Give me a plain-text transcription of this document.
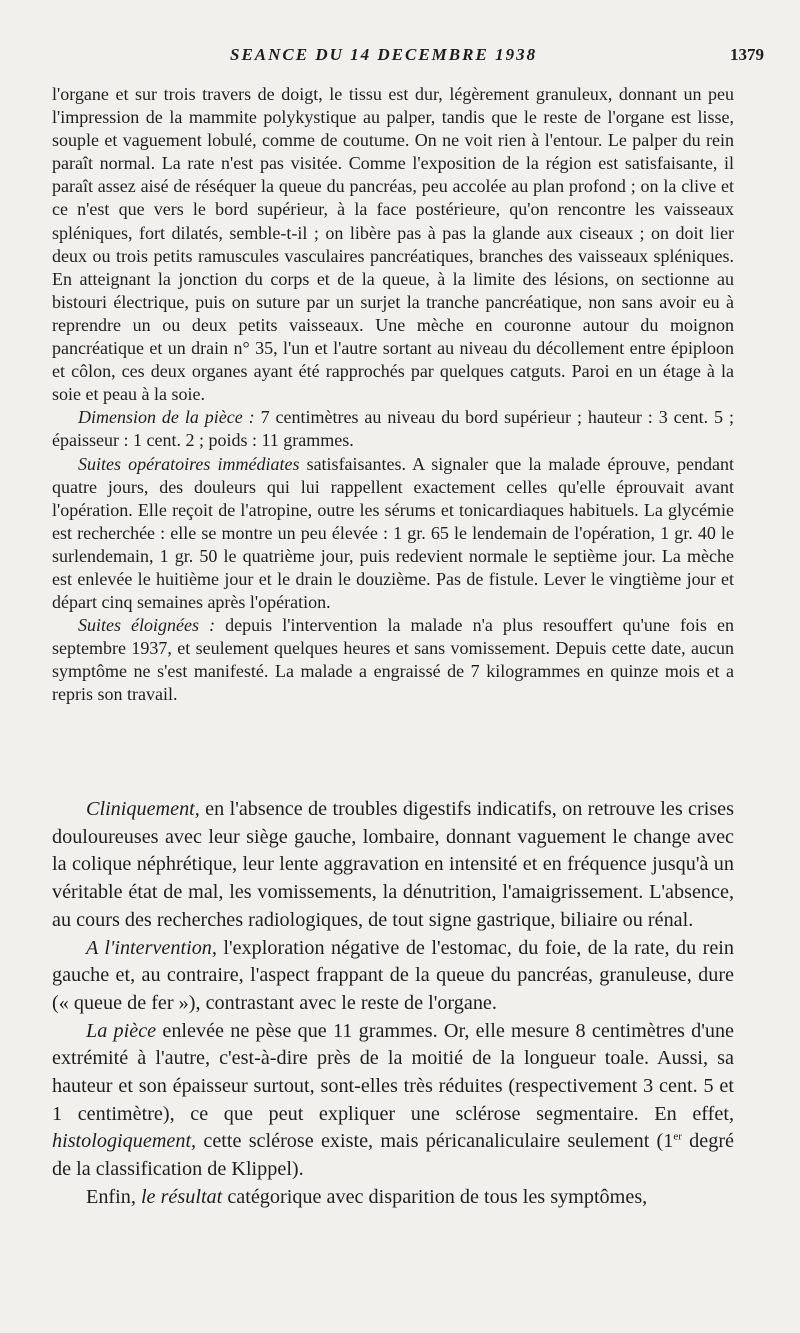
SEANCE DU 14 DECEMBRE 1938	1379

l'organe et sur trois travers de doigt, le tissu est dur, légèrement granuleux, donnant un peu l'impression de la mammite polykystique au palper, tandis que le reste de l'organe est lisse, souple et vaguement lobulé, comme de coutume. On ne voit rien à l'entour. Le palper du rein paraît normal. La rate n'est pas visitée. Comme l'exposition de la région est satisfaisante, il paraît assez aisé de réséquer la queue du pancréas, peu accolée au plan profond ; on la clive et ce n'est que vers le bord supérieur, à la face postérieure, qu'on rencontre les vaisseaux spléniques, fort dilatés, semble-t-il ; on libère pas à pas la glande aux ciseaux ; on doit lier deux ou trois petits ramuscules vasculaires pancréatiques, branches des vaisseaux spléniques. En atteignant la jonction du corps et de la queue, à la limite des lésions, on sectionne au bistouri électrique, puis on suture par un surjet la tranche pancréatique, non sans avoir eu à reprendre un ou deux petits vaisseaux. Une mèche en couronne autour du moignon pancréatique et un drain n° 35, l'un et l'autre sortant au niveau du décollement entre épiploon et côlon, ces deux organes ayant été rapprochés par quelques catguts. Paroi en un étage à la soie et peau à la soie.

Dimension de la pièce : 7 centimètres au niveau du bord supérieur ; hauteur : 3 cent. 5 ; épaisseur : 1 cent. 2 ; poids : 11 grammes.

Suites opératoires immédiates satisfaisantes. A signaler que la malade éprouve, pendant quatre jours, des douleurs qui lui rappellent exactement celles qu'elle éprouvait avant l'opération. Elle reçoit de l'atropine, outre les sérums et tonicardiaques habituels. La glycémie est recherchée : elle se montre un peu élevée : 1 gr. 65 le lendemain de l'opération, 1 gr. 40 le surlendemain, 1 gr. 50 le quatrième jour, puis redevient normale le septième jour. La mèche est enlevée le huitième jour et le drain le douzième. Pas de fistule. Lever le vingtième jour et départ cinq semaines après l'opération.

Suites éloignées : depuis l'intervention la malade n'a plus resouffert qu'une fois en septembre 1937, et seulement quelques heures et sans vomissement. Depuis cette date, aucun symptôme ne s'est manifesté. La malade a engraissé de 7 kilogrammes en quinze mois et a repris son travail.

Cliniquement, en l'absence de troubles digestifs indicatifs, on retrouve les crises douloureuses avec leur siège gauche, lombaire, donnant vaguement le change avec la colique néphrétique, leur lente aggravation en intensité et en fréquence jusqu'à un véritable état de mal, les vomissements, la dénutrition, l'amaigrissement. L'absence, au cours des recherches radiologiques, de tout signe gastrique, biliaire ou rénal.

A l'intervention, l'exploration négative de l'estomac, du foie, de la rate, du rein gauche et, au contraire, l'aspect frappant de la queue du pancréas, granuleuse, dure (« queue de fer »), contrastant avec le reste de l'organe.

La pièce enlevée ne pèse que 11 grammes. Or, elle mesure 8 centimètres d'une extrémité à l'autre, c'est-à-dire près de la moitié de la longueur toale. Aussi, sa hauteur et son épaisseur surtout, sont-elles très réduites (respectivement 3 cent. 5 et 1 centimètre), ce que peut expliquer une sclérose segmentaire. En effet, histologiquement, cette sclérose existe, mais péricanaliculaire seulement (1er degré de la classification de Klippel).

Enfin, le résultat catégorique avec disparition de tous les symptômes,
